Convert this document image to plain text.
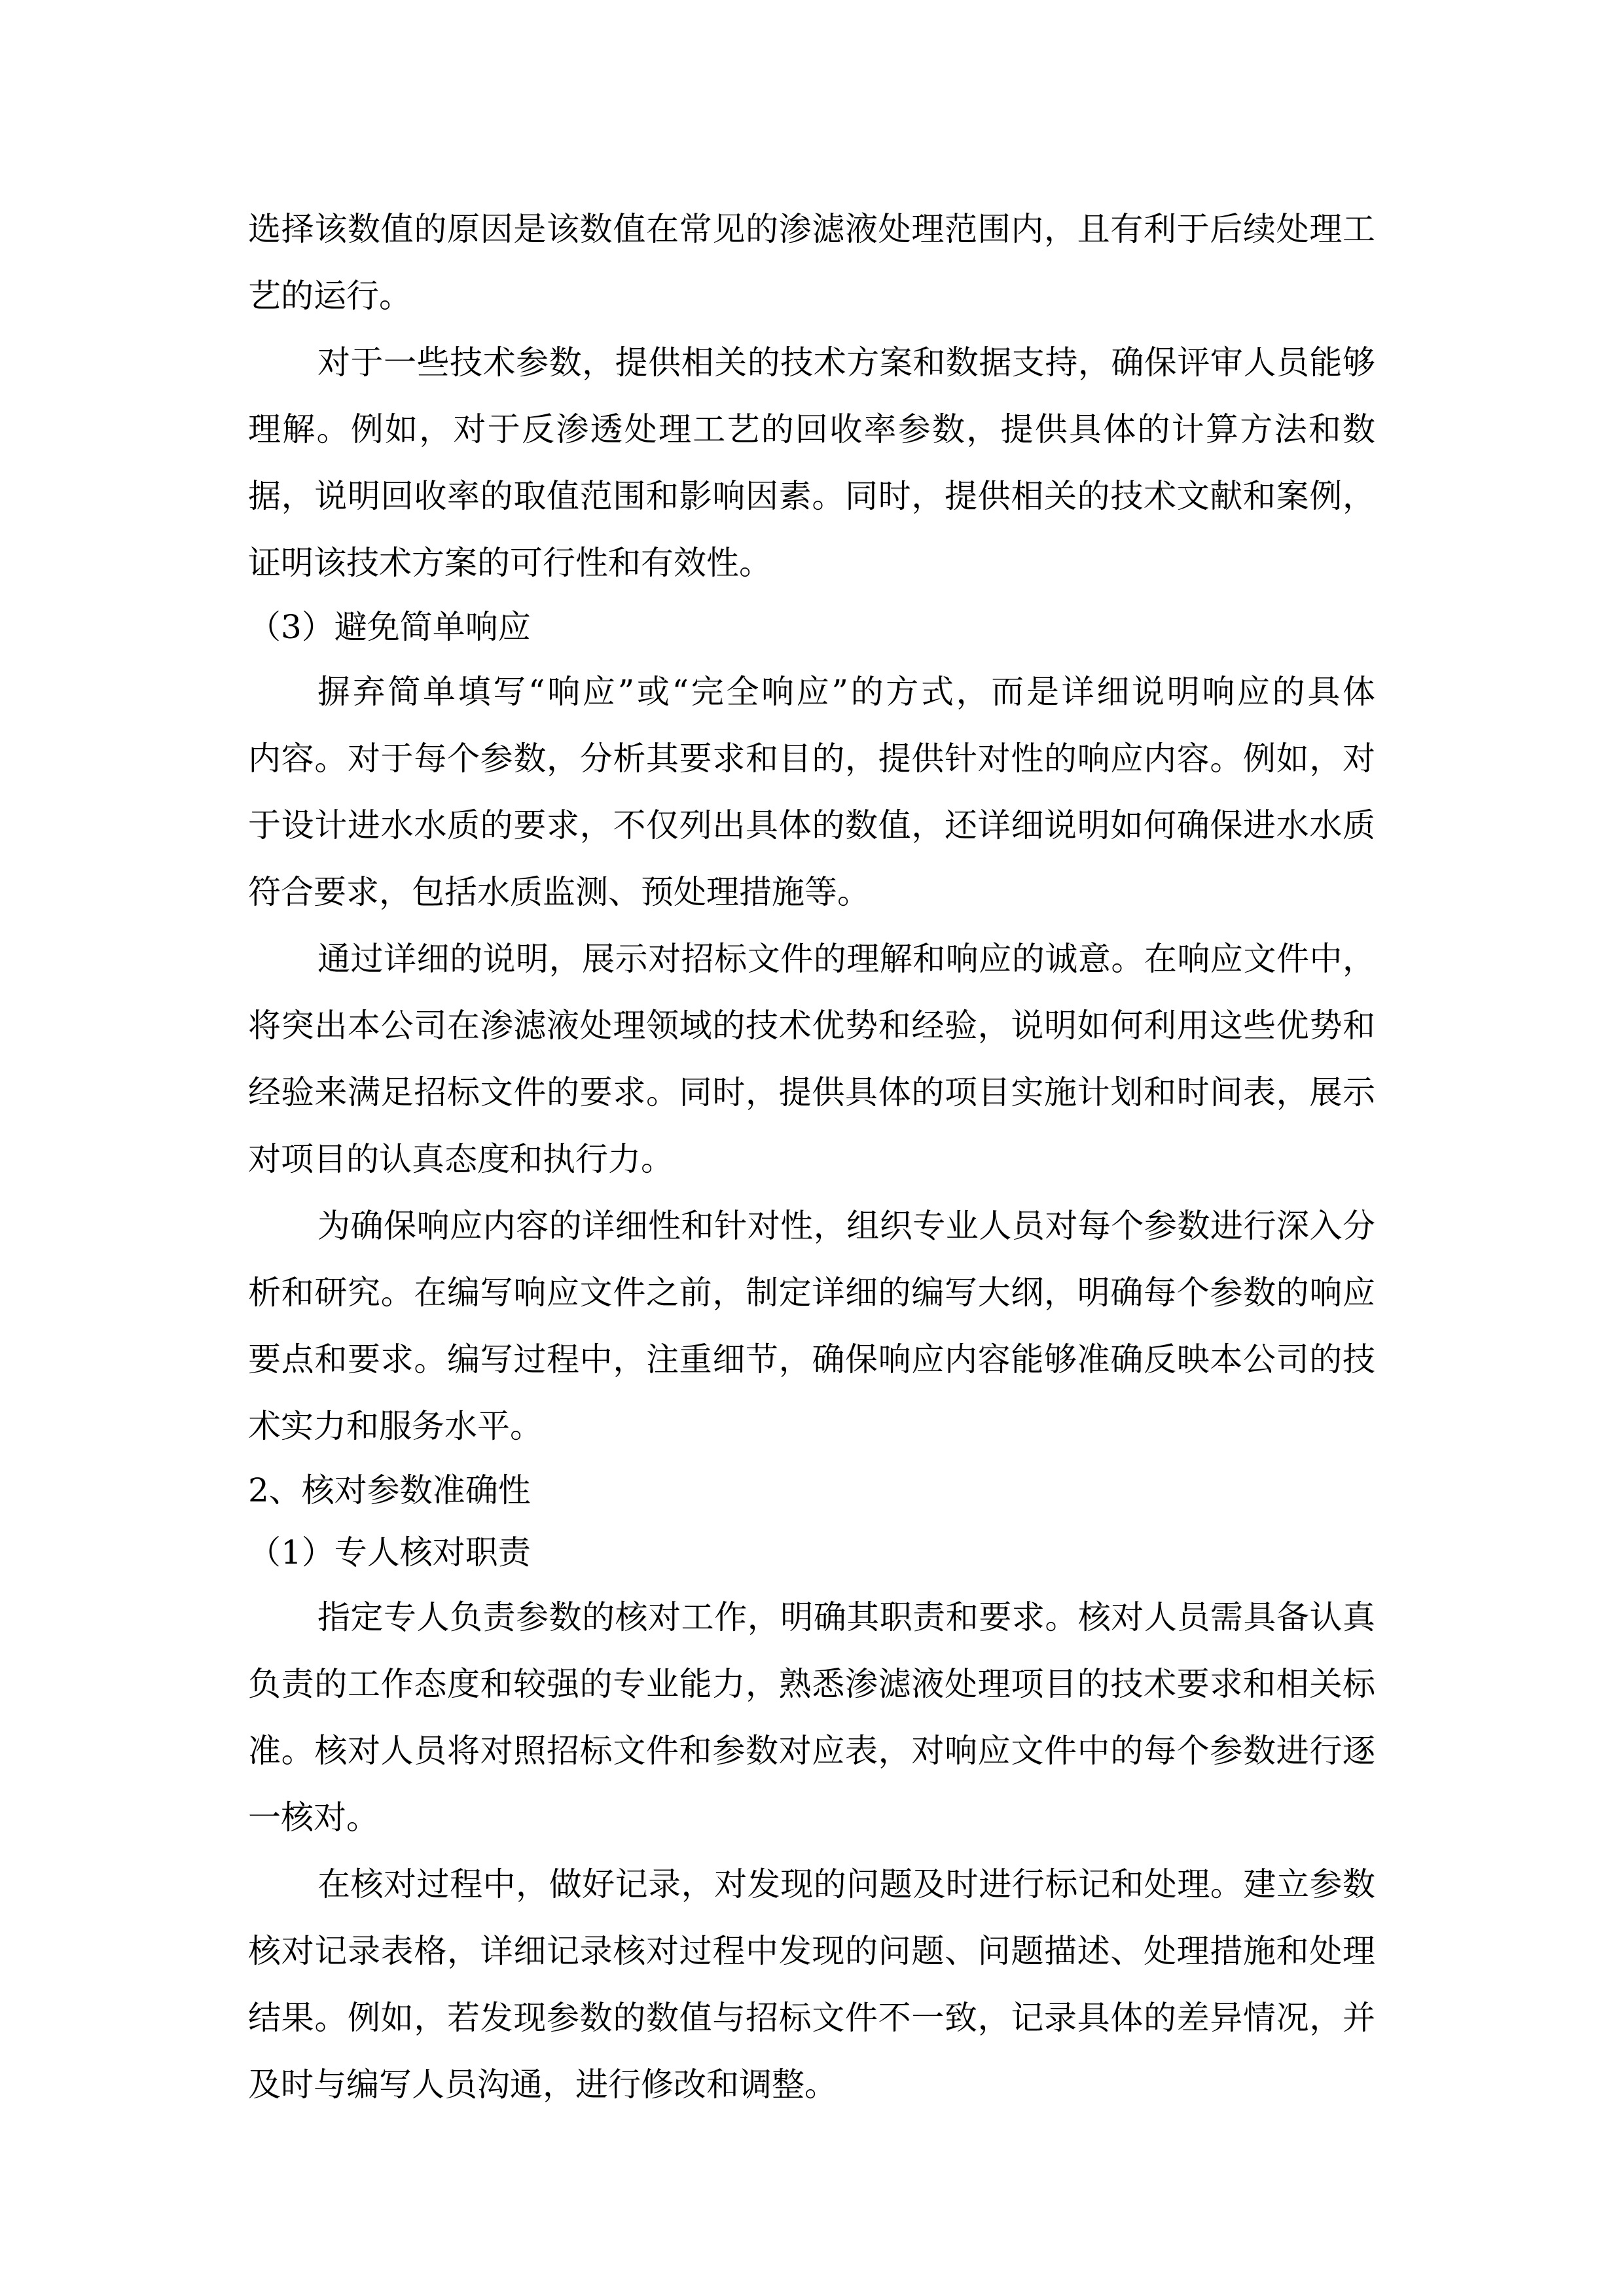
选择该数值的原因是该数值在常见的渗滤液处理范围内，且有利于后续处理工
艺的运行。
对于一些技术参数，提供相关的技术方案和数据支持，确保评审人员能够
理解。例如，对于反渗透处理工艺的回收率参数，提供具体的计算方法和数
据，说明回收率的取值范围和影响因素。同时，提供相关的技术文献和案例，
证明该技术方案的可行性和有效性。
（3）避免简单响应
摒弃简单填写“响应”或“完全响应”的方式，而是详细说明响应的具体
内容。对于每个参数，分析其要求和目的，提供针对性的响应内容。例如，对
于设计进水水质的要求，不仅列出具体的数值，还详细说明如何确保进水水质
符合要求，包括水质监测、预处理措施等。
通过详细的说明，展示对招标文件的理解和响应的诚意。在响应文件中，
将突出本公司在渗滤液处理领域的技术优势和经验，说明如何利用这些优势和
经验来满足招标文件的要求。同时，提供具体的项目实施计划和时间表，展示
对项目的认真态度和执行力。
为确保响应内容的详细性和针对性，组织专业人员对每个参数进行深入分
析和研究。在编写响应文件之前，制定详细的编写大纲，明确每个参数的响应
要点和要求。编写过程中，注重细节，确保响应内容能够准确反映本公司的技
术实力和服务水平。
2、核对参数准确性
（1）专人核对职责
指定专人负责参数的核对工作，明确其职责和要求。核对人员需具备认真
负责的工作态度和较强的专业能力，熟悉渗滤液处理项目的技术要求和相关标
准。核对人员将对照招标文件和参数对应表，对响应文件中的每个参数进行逐
一核对。
在核对过程中，做好记录，对发现的问题及时进行标记和处理。建立参数
核对记录表格，详细记录核对过程中发现的问题、问题描述、处理措施和处理
结果。例如，若发现参数的数值与招标文件不一致，记录具体的差异情况，并
及时与编写人员沟通，进行修改和调整。
